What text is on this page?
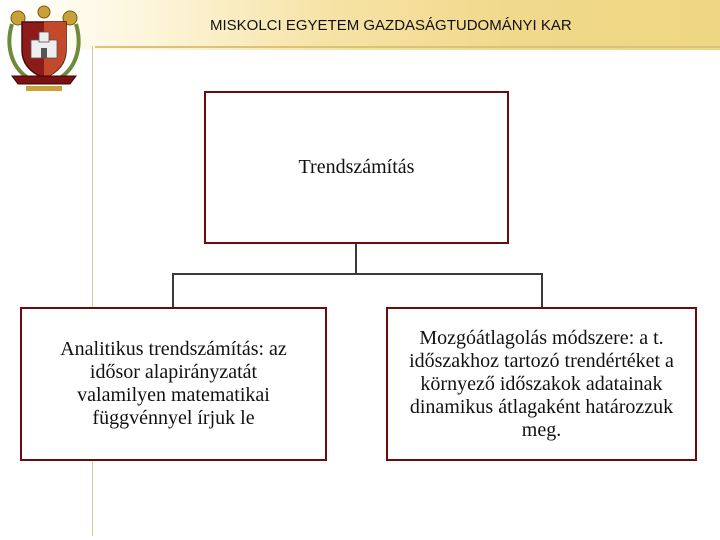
MISKOLCI EGYETEM GAZDASÁGTUDOMÁNYI KAR
Trendszámítás
Analitikus trendszámítás: az idősor alapirányzatát valamilyen matematikai függvénnyel írjuk le
Mozgóátlagolás módszere: a t. időszakhoz tartozó trendértéket a környező időszakok adatainak dinamikus átlagaként határozzuk meg.
